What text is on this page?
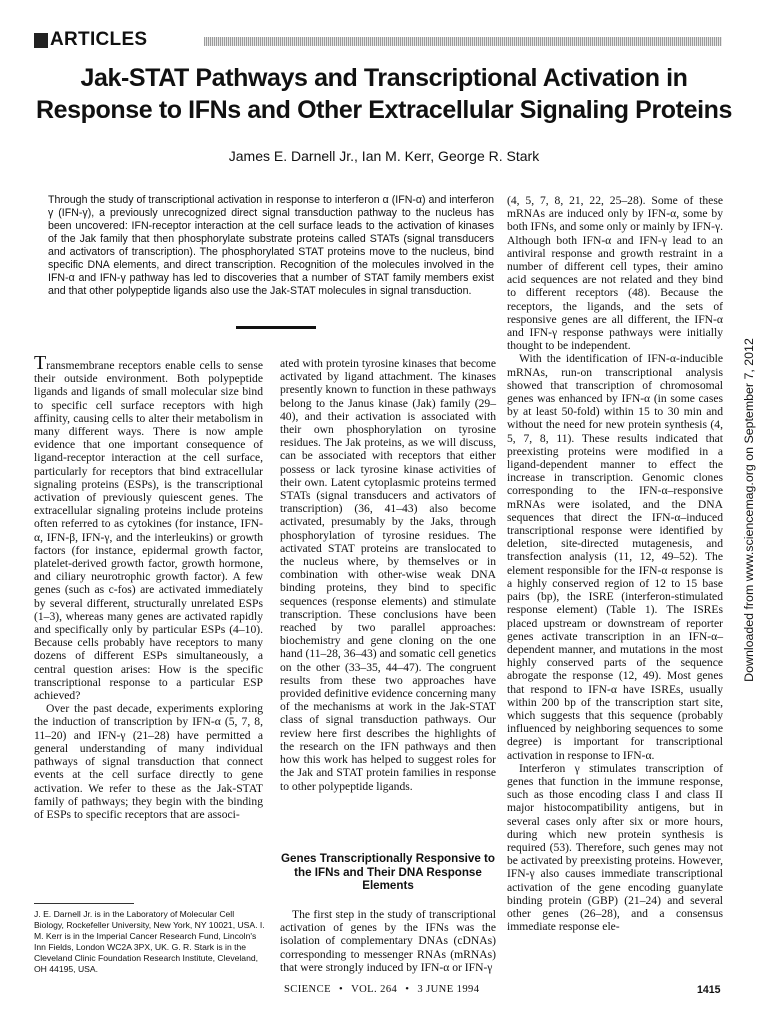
ARTICLES
Jak-STAT Pathways and Transcriptional Activation in Response to IFNs and Other Extracellular Signaling Proteins
James E. Darnell Jr., Ian M. Kerr, George R. Stark

Through the study of transcriptional activation in response to interferon α (IFN-α) and interferon γ (IFN-γ), a previously unrecognized direct signal transduction pathway to the nucleus has been uncovered: IFN-receptor interaction at the cell surface leads to the activation of kinases of the Jak family that then phosphorylate substrate proteins called STATs (signal transducers and activators of transcription). The phosphorylated STAT proteins move to the nucleus, bind specific DNA elements, and direct transcription. Recognition of the molecules involved in the IFN-α and IFN-γ pathway has led to discoveries that a number of STAT family members exist and that other polypeptide ligands also use the Jak-STAT molecules in signal transduction.

Transmembrane receptors enable cells to sense their outside environment. Both polypeptide ligands and ligands of small molecular size bind to specific cell surface receptors with high affinity, causing cells to alter their metabolism in many different ways. There is now ample evidence that one important consequence of ligand-receptor interaction at the cell surface, particularly for receptors that bind extracellular signaling proteins (ESPs), is the transcriptional activation of previously quiescent genes. The extracellular signaling proteins include proteins often referred to as cytokines (for instance, IFN-α, IFN-β, IFN-γ, and the interleukins) or growth factors (for instance, epidermal growth factor, platelet-derived growth factor, growth hormone, and ciliary neurotrophic growth factor). A few genes (such as c-fos) are activated immediately by several different, structurally unrelated ESPs (1–3), whereas many genes are activated rapidly and specifically only by particular ESPs (4–10). Because cells probably have receptors to many dozens of different ESPs simultaneously, a central question arises: How is the specific transcriptional response to a particular ESP achieved?

Over the past decade, experiments exploring the induction of transcription by IFN-α (5, 7, 8, 11–20) and IFN-γ (21–28) have permitted a general understanding of many individual pathways of signal transduction that connect events at the cell surface directly to gene activation. We refer to these as the Jak-STAT family of pathways; they begin with the binding of ESPs to specific receptors that are associ-

ated with protein tyrosine kinases that become activated by ligand attachment. The kinases presently known to function in these pathways belong to the Janus kinase (Jak) family (29–40), and their activation is associated with their own phosphorylation on tyrosine residues. The Jak proteins, as we will discuss, can be associated with receptors that either possess or lack tyrosine kinase activities of their own. Latent cytoplasmic proteins termed STATs (signal transducers and activators of transcription) (36, 41–43) also become activated, presumably by the Jaks, through phosphorylation of tyrosine residues. The activated STAT proteins are translocated to the nucleus where, by themselves or in combination with other-wise weak DNA binding proteins, they bind to specific sequences (response elements) and stimulate transcription. These conclusions have been reached by two parallel approaches: biochemistry and gene cloning on the one hand (11–28, 36–43) and somatic cell genetics on the other (33–35, 44–47). The congruent results from these two approaches have provided definitive evidence concerning many of the mechanisms at work in the Jak-STAT class of signal transduction pathways. Our review here first describes the highlights of the research on the IFN pathways and then how this work has helped to suggest roles for the Jak and STAT protein families in response to other polypeptide ligands.

Genes Transcriptionally Responsive to the IFNs and Their DNA Response Elements

The first step in the study of transcriptional activation of genes by the IFNs was the isolation of complementary DNAs (cDNAs) corresponding to messenger RNAs (mRNAs) that were strongly induced by IFN-α or IFN-γ

(4, 5, 7, 8, 21, 22, 25–28). Some of these mRNAs are induced only by IFN-α, some by both IFNs, and some only or mainly by IFN-γ. Although both IFN-α and IFN-γ lead to an antiviral response and growth restraint in a number of different cell types, their amino acid sequences are not related and they bind to different receptors (48). Because the receptors, the ligands, and the sets of responsive genes are all different, the IFN-α and IFN-γ response pathways were initially thought to be independent.

With the identification of IFN-α-inducible mRNAs, run-on transcriptional analysis showed that transcription of chromosomal genes was enhanced by IFN-α (in some cases by at least 50-fold) within 15 to 30 min and without the need for new protein synthesis (4, 5, 7, 8, 11). These results indicated that preexisting proteins were modified in a ligand-dependent manner to effect the increase in transcription. Genomic clones corresponding to the IFN-α–responsive mRNAs were isolated, and the DNA sequences that direct the IFN-α–induced transcriptional response were identified by deletion, site-directed mutagenesis, and transfection analysis (11, 12, 49–52). The element responsible for the IFN-α response is a highly conserved region of 12 to 15 base pairs (bp), the ISRE (interferon-stimulated response element) (Table 1). The ISREs placed upstream or downstream of reporter genes activate transcription in an IFN-α–dependent manner, and mutations in the most highly conserved parts of the sequence abrogate the response (12, 49). Most genes that respond to IFN-α have ISREs, usually within 200 bp of the transcription start site, which suggests that this sequence (probably influenced by neighboring sequences to some degree) is important for transcriptional activation in response to IFN-α.

Interferon γ stimulates transcription of genes that function in the immune response, such as those encoding class I and class II major histocompatibility antigens, but in several cases only after six or more hours, during which new protein synthesis is required (53). Therefore, such genes may not be activated by preexisting proteins. However, IFN-γ also causes immediate transcriptional activation of the gene encoding guanylate binding protein (GBP) (21–24) and several other genes (26–28), and a consensus immediate response ele-

J. E. Darnell Jr. is in the Laboratory of Molecular Cell Biology, Rockefeller University, New York, NY 10021, USA. I. M. Kerr is in the Imperial Cancer Research Fund, Lincoln's Inn Fields, London WC2A 3PX, UK. G. R. Stark is in the Cleveland Clinic Foundation Research Institute, Cleveland, OH 44195, USA.

Downloaded from www.sciencemag.org on September 7, 2012
SCIENCE • VOL. 264 • 3 JUNE 1994	1415
